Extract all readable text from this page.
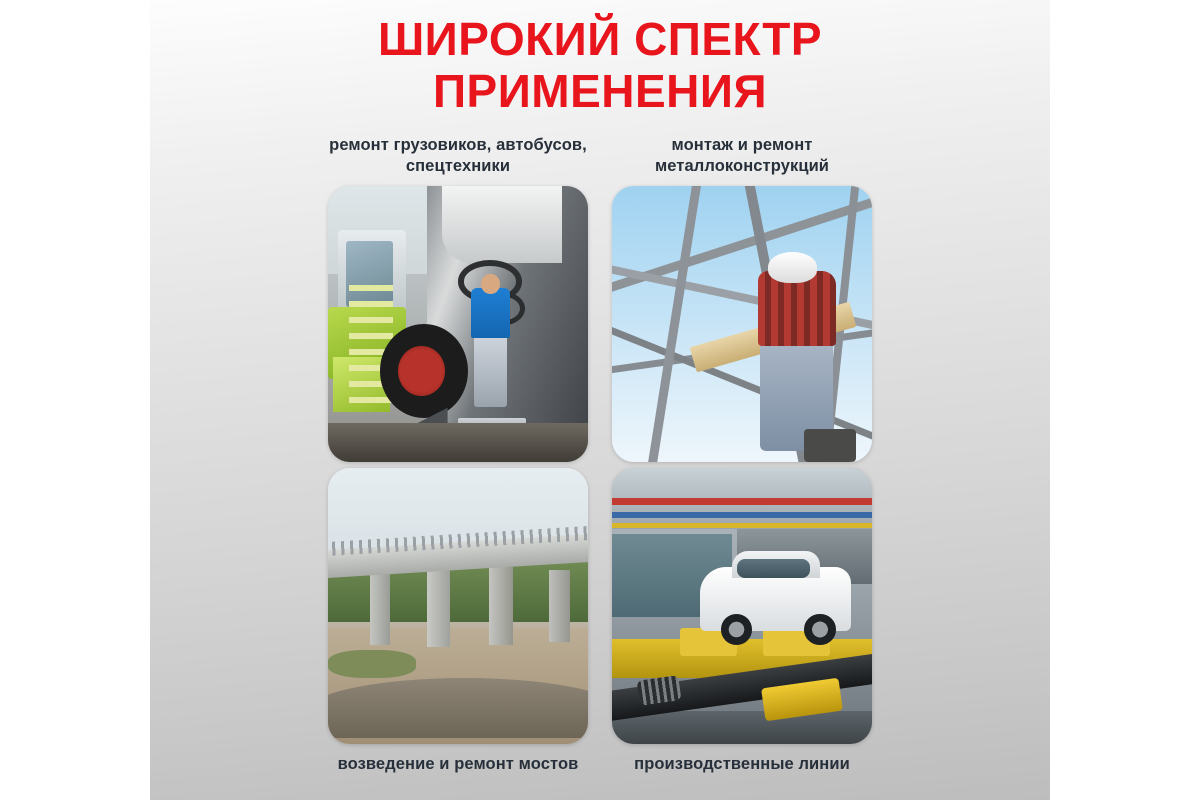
ШИРОКИЙ СПЕКТР ПРИМЕНЕНИЯ
ремонт грузовиков, автобусов, спецтехники
монтаж и ремонт металлоконструкций
возведение и ремонт мостов	производственные линии
